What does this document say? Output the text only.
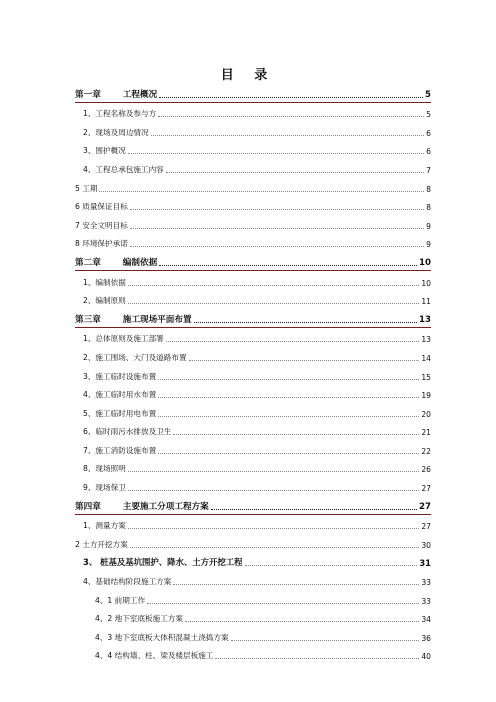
目 录
第一章	工程概况	5
1、工程名称及参与方	5
2、现场及周边情况	6
3、围护概况	6
4、工程总承包施工内容	7
5 工期	8
6 质量保证目标	8
7 安全文明目标	9
8 环境保护承诺	9
第二章	编制依据	10
1、编制依据	10
2、编制原则	11
第三章	施工现场平面布置	13
1、总体原则及施工部署	13
2、施工围场、大门及道路布置	14
3、施工临时设施布置	15
4、施工临时用水布置	19
5、施工临时用电布置	20
6、临时雨污水排放及卫生	21
7、施工消防设施布置	22
8、现场照明	26
9、现场保卫	27
第四章	主要施工分项工程方案	27
1、测量方案	27
2 土方开挖方案	30
3、 桩基及基坑围护、降水、土方开挖工程	31
4、基础结构阶段施工方案	33
4、1 前期工作	33
4、2 地下室底板施工方案	34
4、3 地下室底板大体积混凝土浇捣方案	36
4、4 结构墙、柱、梁及楼层板施工	40
